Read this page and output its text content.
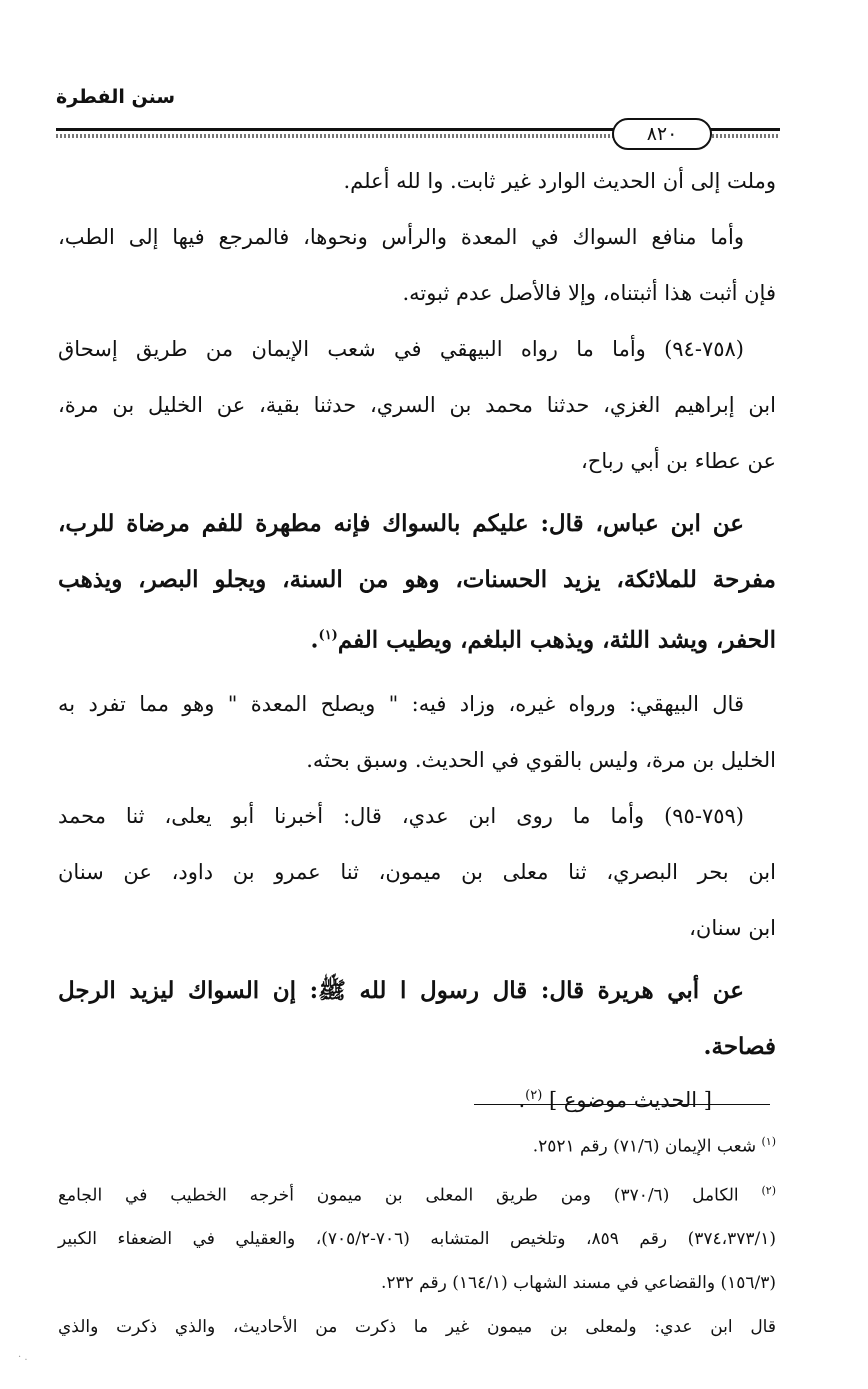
سنن الفطرة
٨٢٠
وملت إلى أن الحديث الوارد غير ثابت. وا لله أعلم.
وأما منافع السواك في المعدة والرأس ونحوها، فالمرجع فيها إلى الطب،
فإن أثبت هذا أثبتناه، وإلا فالأصل عدم ثبوته.
(٧٥٨-٩٤) وأما ما رواه البيهقي في شعب الإيمان من طريق إسحاق
ابن إبراهيم الغزي، حدثنا محمد بن السري، حدثنا بقية، عن الخليل بن مرة،
عن عطاء بن أبي رباح،
عن ابن عباس، قال: عليكم بالسواك فإنه مطهرة للفم مرضاة للرب،
مفرحة للملائكة، يزيد الحسنات، وهو من السنة، ويجلو البصر، ويذهب
الحفر، ويشد اللثة، ويذهب البلغم، ويطيب الفم$^{(١)}$.
قال البيهقي: ورواه غيره، وزاد فيه: " ويصلح المعدة " وهو مما تفرد به
الخليل بن مرة، وليس بالقوي في الحديث. وسبق بحثه.
(٧٥٩-٩٥) وأما ما روى ابن عدي، قال: أخبرنا أبو يعلى، ثنا محمد
ابن بحر البصري، ثنا معلى بن ميمون، ثنا عمرو بن داود، عن سنان
ابن سنان،
عن أبي هريرة قال: قال رسول ا لله ﷺ: إن السواك ليزيد الرجل
فصاحة.
[ الحديث موضوع ] $^{(٢)}$.
$^{(١)}$ شعب الإيمان (٧١/٦) رقم ٢٥٢١.
$^{(٢)}$ الكامل (٣٧٠/٦) ومن طريق المعلى بن ميمون أخرجه الخطيب في الجامع
(٣٧٤،٣٧٣/١) رقم ٨٥٩، وتلخيص المتشابه (٧٠٦-٧٠٥/٢)، والعقيلي في الضعفاء الكبير
(١٥٦/٣) والقضاعي في مسند الشهاب (١٦٤/١) رقم ٢٣٢.
قال ابن عدي: ولمعلى بن ميمون غير ما ذكرت من الأحاديث، والذي ذكرت والذي
· .
